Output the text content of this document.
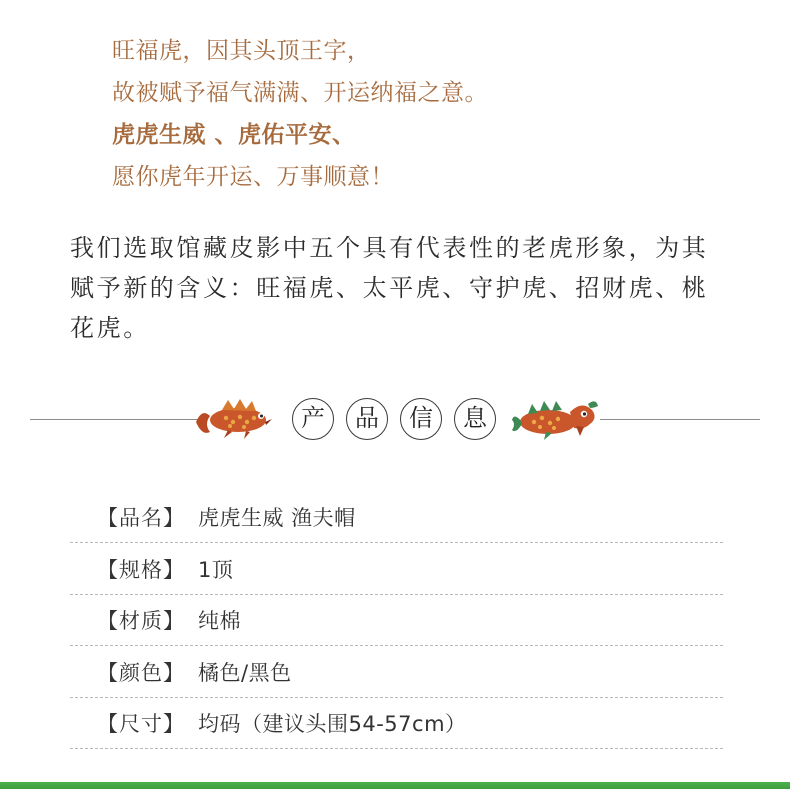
旺福虎，因其头顶王字，
故被赋予福气满满、开运纳福之意。
虎虎生威 、虎佑平安、
愿你虎年开运、万事顺意！
我们选取馆藏皮影中五个具有代表性的老虎形象，为其赋予新的含义：旺福虎、太平虎、守护虎、招财虎、桃花虎。
产	品	信	息
【品名】 虎虎生威 渔夫帽
【规格】 1顶
【材质】 纯棉
【颜色】 橘色/黑色
【尺寸】 均码（建议头围54-57cm）
